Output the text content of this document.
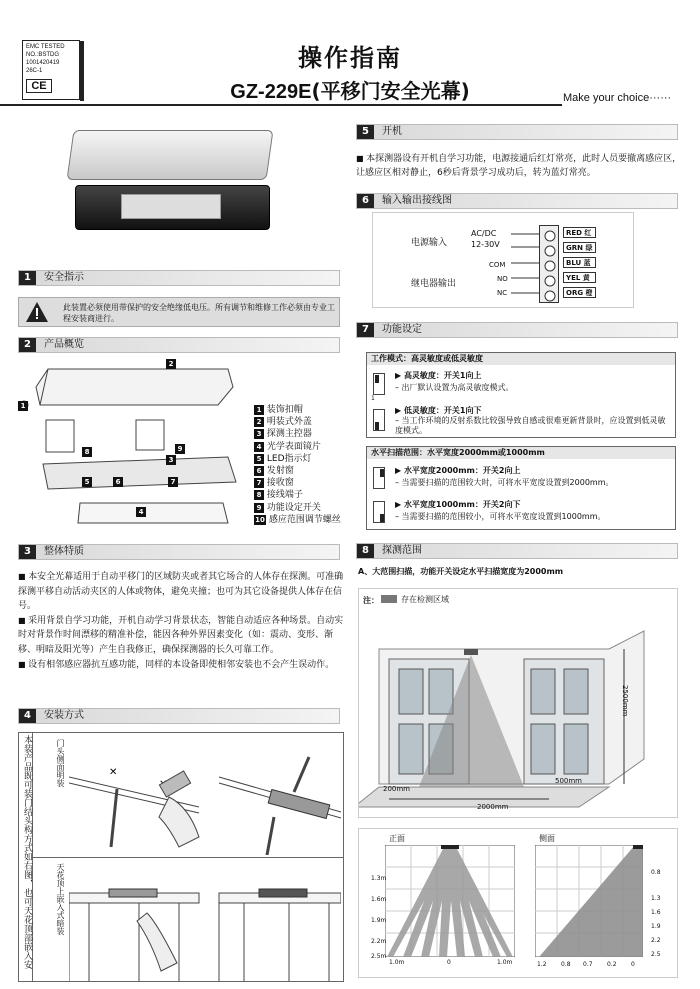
EMC TESTED
NO.:BSTDG
1001420419
26C-1
CE
操作指南
GZ-229E(平移门安全光幕)	Make your choice······
1 安全指示
此装置必须使用带保护的安全绝缘低电压。所有调节和维修工作必须由专业工程安装商进行。
2 产品概览
2
1
8	9
3
5	6	7
4
1 装饰扣帽
2 明装式外盖
3 探测主控器
4 光学表面镜片
5 LED指示灯
6 发射窗
7 接收窗
8 接线端子
9 功能设定开关
10 感应范围调节螺丝
3 整体特质
■ 本安全光幕适用于自动平移门的区域防夹或者其它场合的人体存在探测。可准确探测平移自动活动夹区的人体或物体，避免夹撞；也可为其它设备提供人体存在信号。
■ 采用背景自学习功能，开机自动学习背景状态，智能自动适应各种场景。自动实时对背景作时间漂移的精准补偿，能因各种外界因素变化（如：震动、变形、渐移、明暗及阳光等）产生自我修正，确保探测器的长久可靠工作。
■ 设有相邻感应器抗互感功能，同样的本设备即使相邻安装也不会产生误动作。
4 安装方式
本装产品既可装门结头构方式如右图，也可天花顶部嵌入安	门头侧面明装
天花顶上嵌入式暗装
✕
5 开机
■ 本探测器设有开机自学习功能，电源接通后红灯常亮，此时人员要撤离感应区，让感应区相对静止，6秒后背景学习成功后，转为蓝灯常亮。
6 输入输出接线图
电源输入
AC/DC
12-30V
继电器输出
COM
NO
NC
RED 红
GRN 绿
BLU 蓝
YEL 黄
ORG 橙
7 功能设定
工作模式：高灵敏度或低灵敏度
1
▶ 高灵敏度：开关1向上
– 出厂默认设置为高灵敏度模式。
▶ 低灵敏度：开关1向下
– 当工作环境的反射系数比较强导致自感或很难更新背景时，应设置到低灵敏度模式。
水平扫描范围：水平宽度2000mm或1000mm
▶ 水平宽度2000mm：开关2向上
– 当需要扫描的范围较大时，可将水平宽度设置到2000mm。
▶ 水平宽度1000mm：开关2向下
– 当需要扫描的范围较小，可将水平宽度设置到1000mm。
8 探测范围
A、大范围扫描，功能开关设定水平扫描宽度为2000mm
注：	存在检测区域
2500mm
500mm
200mm
2000mm
正面	侧面
1.3m
1.6m
1.9m
2.2m
2.5m
1.0m	0	1.0m
0.8
1.3
1.6
1.9
2.2
2.5
1.2 0.8 0.7 0.2 0
